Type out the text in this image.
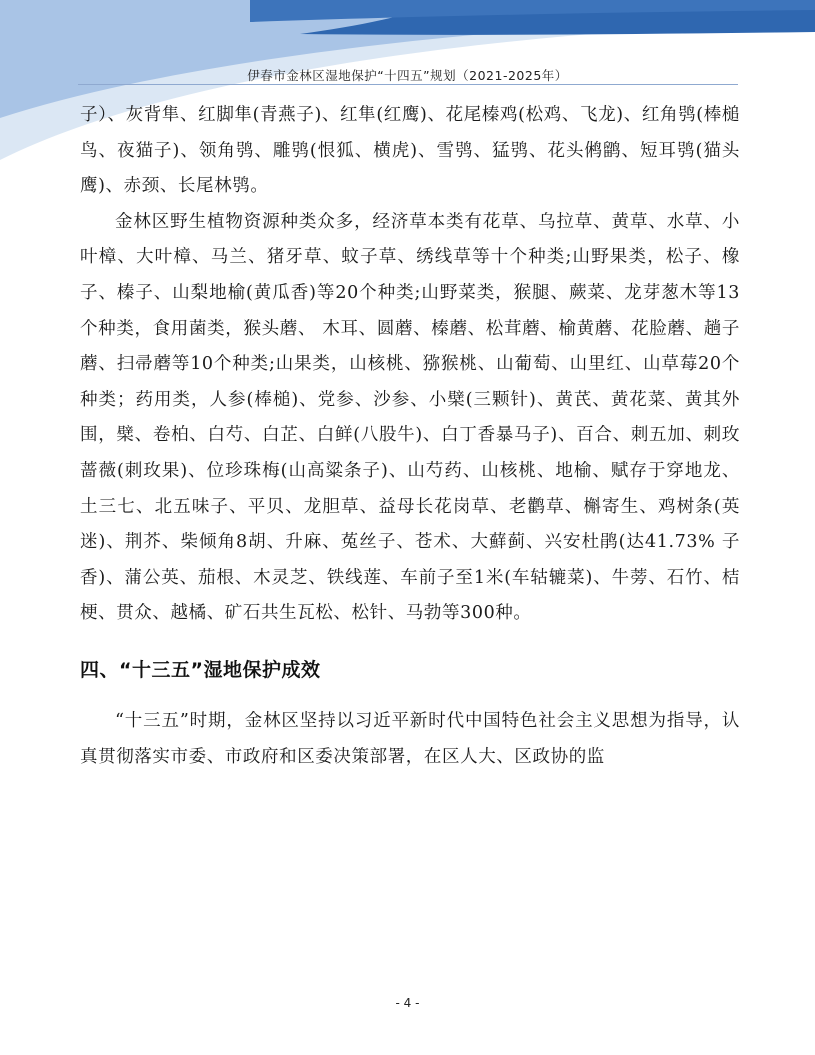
伊春市金林区湿地保护“十四五”规划（2021-2025年）

子）、灰背隼、红脚隼(青燕子)、红隼(红鹰)、花尾榛鸡(松鸡、飞龙)、红角鸮(棒槌鸟、夜猫子)、领角鸮、雕鸮(恨狐、横虎)、雪鸮、猛鸮、花头鸺鹠、短耳鸮(猫头鹰)、赤颈、长尾林鸮。

金林区野生植物资源种类众多，经济草本类有花草、乌拉草、黄草、水草、小叶樟、大叶樟、马兰、猪牙草、蚊子草、绣线草等十个种类;山野果类，松子、橡子、榛子、山梨地榆(黄瓜香)等20个种类;山野菜类，猴腿、蕨菜、龙芽葱木等13个种类，食用菌类，猴头蘑、 木耳、圆蘑、榛蘑、松茸蘑、榆黄蘑、花脸蘑、趟子蘑、扫帚蘑等10个种类;山果类，山核桃、猕猴桃、山葡萄、山里红、山草莓20个种类；药用类，人参(棒槌)、党参、沙参、小檗(三颗针)、黄芪、黄花菜、黄其外围，檗、卷柏、白芍、白芷、白鲜(八股牛)、白丁香暴马子)、百合、刺五加、刺玫蔷薇(刺玫果)、位珍珠梅(山高粱条子)、山芍药、山核桃、地榆、赋存于穿地龙、土三七、北五味子、平贝、龙胆草、益母长花岗草、老鹳草、槲寄生、鸡树条(英迷)、荆芥、柴倾角8胡、升麻、菟丝子、苍术、大蘚蓟、兴安杜鹃(达41.73% 子香)、蒲公英、茄根、木灵芝、铁线莲、车前子至1米(车轱辘菜)、牛蒡、石竹、桔梗、贯众、越橘、矿石共生瓦松、松针、马勃等300种。

四、“十三五”湿地保护成效

“十三五”时期，金林区坚持以习近平新时代中国特色社会主义思想为指导，认真贯彻落实市委、市政府和区委决策部署，在区人大、区政协的监

- 4 -
